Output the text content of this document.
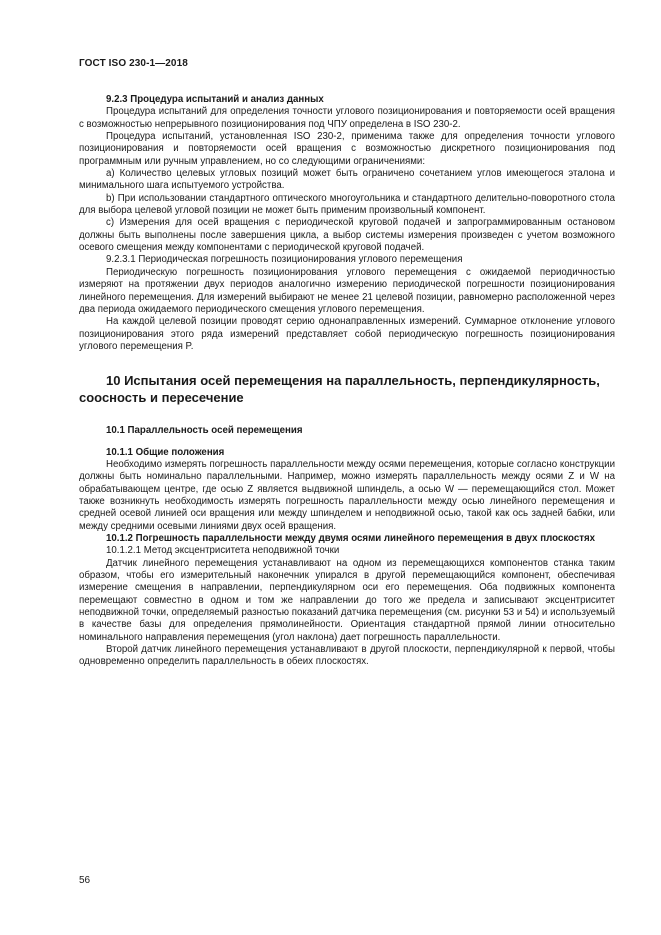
ГОСТ ISO 230-1—2018

9.2.3 Процедура испытаний и анализ данных

Процедура испытаний для определения точности углового позиционирования и повторяемости осей вращения с возможностью непрерывного позиционирования под ЧПУ определена в ISO 230-2.

Процедура испытаний, установленная ISO 230-2, применима также для определения точности углового позиционирования и повторяемости осей вращения с возможностью дискретного позиционирования под программным или ручным управлением, но со следующими ограничениями:

а) Количество целевых угловых позиций может быть ограничено сочетанием углов имеющегося эталона и минимального шага испытуемого устройства.

b) При использовании стандартного оптического многоугольника и стандартного делительно-поворотного стола для выбора целевой угловой позиции не может быть применим произвольный компонент.

c) Измерения для осей вращения с периодической круговой подачей и запрограммированным остановом должны быть выполнены после завершения цикла, а выбор системы измерения произведен с учетом возможного осевого смещения между компонентами с периодической круговой подачей.

9.2.3.1 Периодическая погрешность позиционирования углового перемещения

Периодическую погрешность позиционирования углового перемещения с ожидаемой периодичностью измеряют на протяжении двух периодов аналогично измерению периодической погрешности позиционирования линейного перемещения. Для измерений выбирают не менее 21 целевой позиции, равномерно расположенной через два периода ожидаемого периодического смещения углового перемещения.

На каждой целевой позиции проводят серию однонаправленных измерений. Суммарное отклонение углового позиционирования этого ряда измерений представляет собой периодическую погрешность позиционирования углового перемещения P.

10 Испытания осей перемещения на параллельность, перпендикулярность, соосность и пересечение

10.1 Параллельность осей перемещения

10.1.1 Общие положения

Необходимо измерять погрешность параллельности между осями перемещения, которые согласно конструкции должны быть номинально параллельными. Например, можно измерять параллельность между осями Z и W на обрабатывающем центре, где осью Z является выдвижной шпиндель, а осью W — перемещающийся стол. Может также возникнуть необходимость измерять погрешность параллельности между осью линейного перемещения и средней осевой линией оси вращения или между шпинделем и неподвижной осью, такой как ось задней бабки, или между средними осевыми линиями двух осей вращения.

10.1.2 Погрешность параллельности между двумя осями линейного перемещения в двух плоскостях

10.1.2.1 Метод эксцентриситета неподвижной точки

Датчик линейного перемещения устанавливают на одном из перемещающихся компонентов станка таким образом, чтобы его измерительный наконечник упирался в другой перемещающийся компонент, обеспечивая измерение смещения в направлении, перпендикулярном оси его перемещения. Оба подвижных компонента перемещают совместно в одном и том же направлении до того же предела и записывают эксцентриситет неподвижной точки, определяемый разностью показаний датчика перемещения (см. рисунки 53 и 54) и используемый в качестве базы для определения прямолинейности. Ориентация стандартной прямой линии относительно номинального направления перемещения (угол наклона) дает погрешность параллельности.

Второй датчик линейного перемещения устанавливают в другой плоскости, перпендикулярной к первой, чтобы одновременно определить параллельность в обеих плоскостях.

56
